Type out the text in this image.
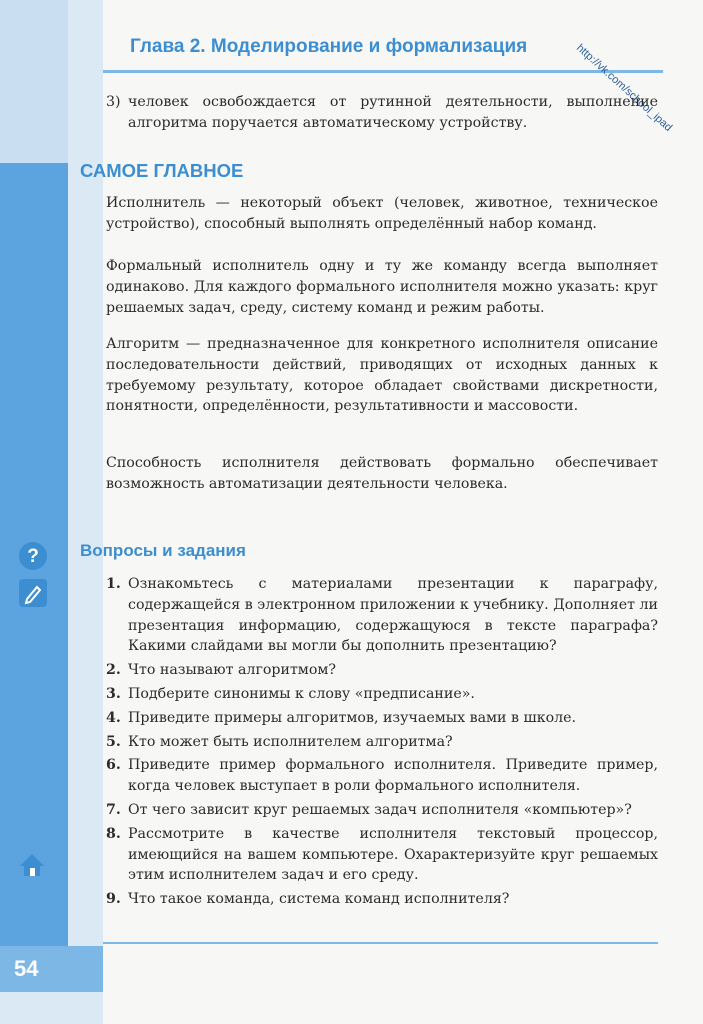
Глава 2. Моделирование и формализация	http://vk.com/school_ipad
3) человек освобождается от рутинной деятельности, выполнение алгоритма поручается автоматическому устройству.
САМОЕ ГЛАВНОЕ

Исполнитель — некоторый объект (человек, животное, техническое устройство), способный выполнять определённый набор команд.

Формальный исполнитель одну и ту же команду всегда выполняет одинаково. Для каждого формального исполнителя можно указать: круг решаемых задач, среду, систему команд и режим работы.

Алгоритм — предназначенное для конкретного исполнителя описание последовательности действий, приводящих от исходных данных к требуемому результату, которое обладает свойствами дискретности, понятности, определённости, результативности и массовости.

Способность исполнителя действовать формально обеспечивает возможность автоматизации деятельности человека.

? Вопросы и задания
1. Ознакомьтесь с материалами презентации к параграфу, содержащейся в электронном приложении к учебнику. Дополняет ли презентация информацию, содержащуюся в тексте параграфа? Какими слайдами вы могли бы дополнить презентацию?
2. Что называют алгоритмом?
3. Подберите синонимы к слову «предписание».
4. Приведите примеры алгоритмов, изучаемых вами в школе.
5. Кто может быть исполнителем алгоритма?
6. Приведите пример формального исполнителя. Приведите пример, когда человек выступает в роли формального исполнителя.
7. От чего зависит круг решаемых задач исполнителя «компьютер»?
8. Рассмотрите в качестве исполнителя текстовый процессор, имеющийся на вашем компьютере. Охарактеризуйте круг решаемых этим исполнителем задач и его среду.
9. Что такое команда, система команд исполнителя?
54
